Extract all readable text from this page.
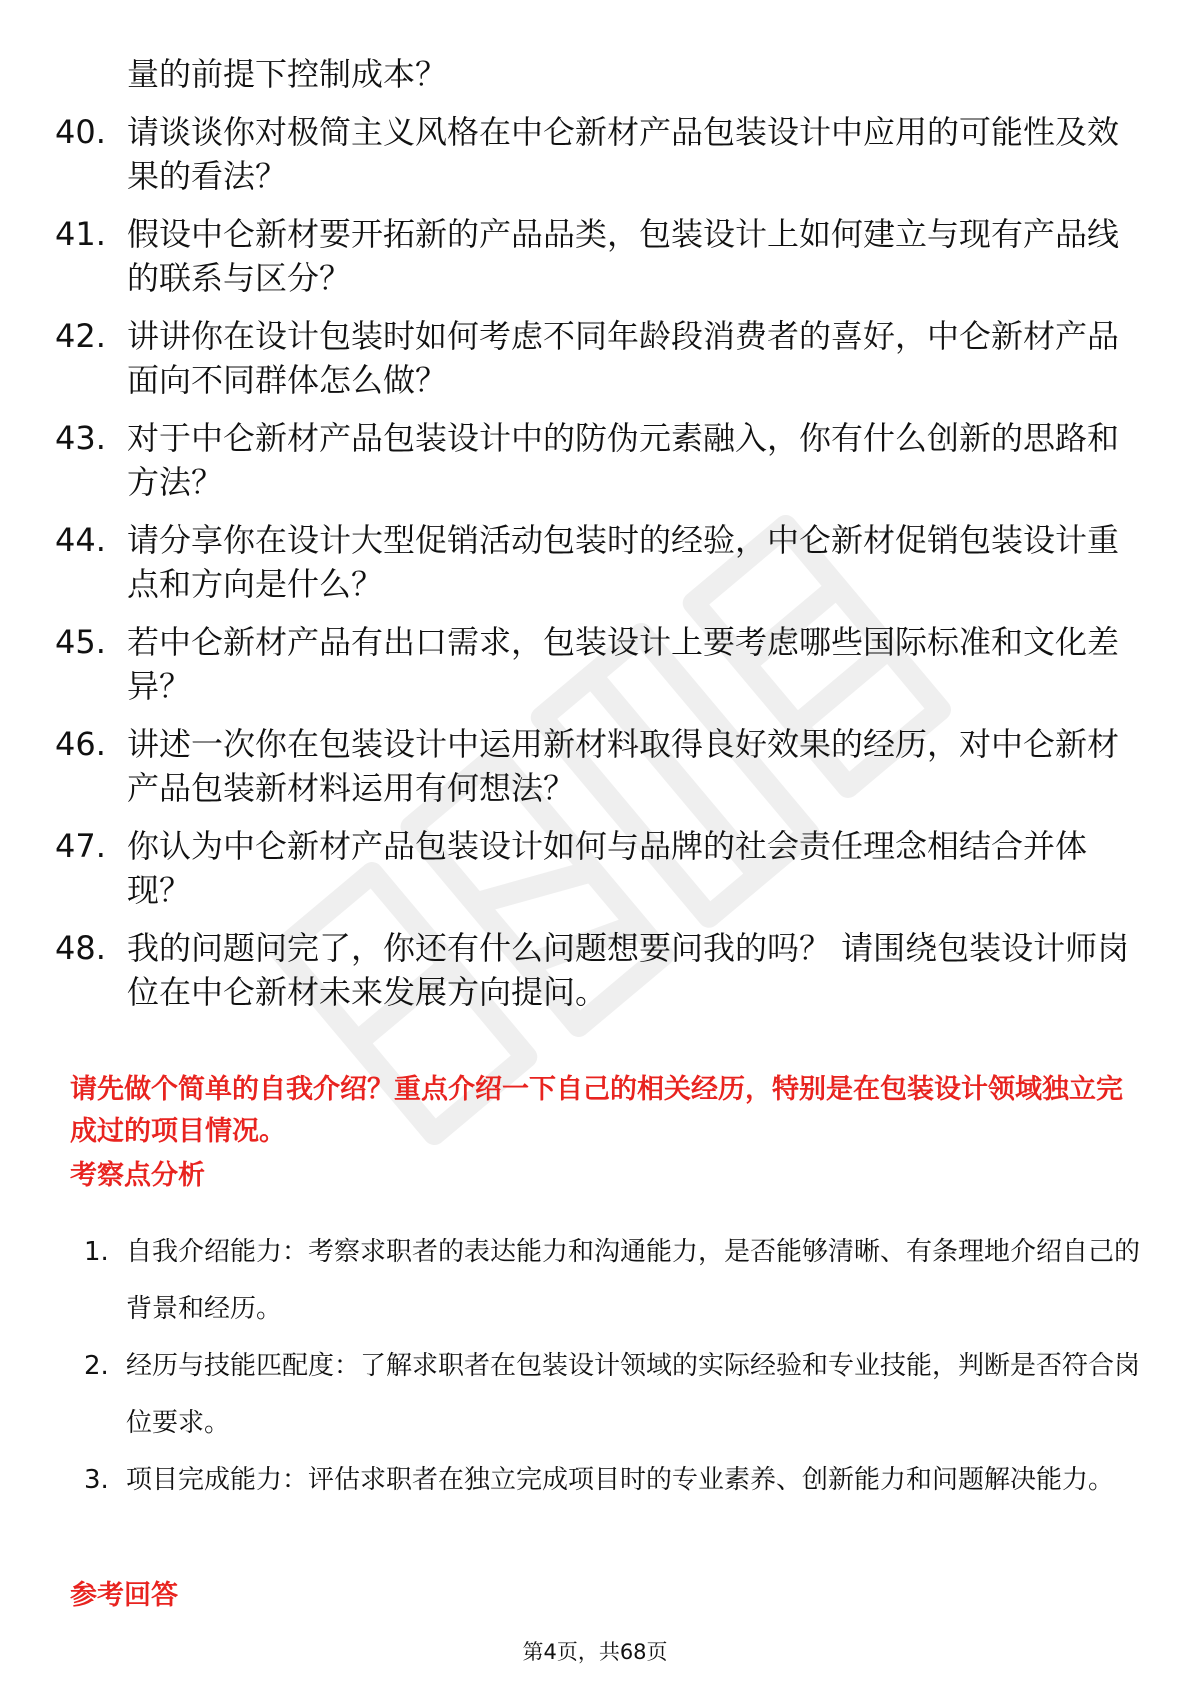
量的前提下控制成本？
40. 请谈谈你对极简主义风格在中仑新材产品包装设计中应用的可能性及效果的看法？
41. 假设中仑新材要开拓新的产品品类，包装设计上如何建立与现有产品线的联系与区分？
42. 讲讲你在设计包装时如何考虑不同年龄段消费者的喜好，中仑新材产品面向不同群体怎么做？
43. 对于中仑新材产品包装设计中的防伪元素融入，你有什么创新的思路和方法？
44. 请分享你在设计大型促销活动包装时的经验，中仑新材促销包装设计重点和方向是什么？
45. 若中仑新材产品有出口需求，包装设计上要考虑哪些国际标准和文化差异？
46. 讲述一次你在包装设计中运用新材料取得良好效果的经历，对中仑新材产品包装新材料运用有何想法？
47. 你认为中仑新材产品包装设计如何与品牌的社会责任理念相结合并体现？
48. 我的问题问完了，你还有什么问题想要问我的吗？ 请围绕包装设计师岗位在中仑新材未来发展方向提问。
请先做个简单的自我介绍？重点介绍一下自己的相关经历，特别是在包装设计领域独立完成过的项目情况。
考察点分析
1. 自我介绍能力：考察求职者的表达能力和沟通能力，是否能够清晰、有条理地介绍自己的背景和经历。
2. 经历与技能匹配度：了解求职者在包装设计领域的实际经验和专业技能，判断是否符合岗位要求。
3. 项目完成能力：评估求职者在独立完成项目时的专业素养、创新能力和问题解决能力。
参考回答
第4页，共68页
